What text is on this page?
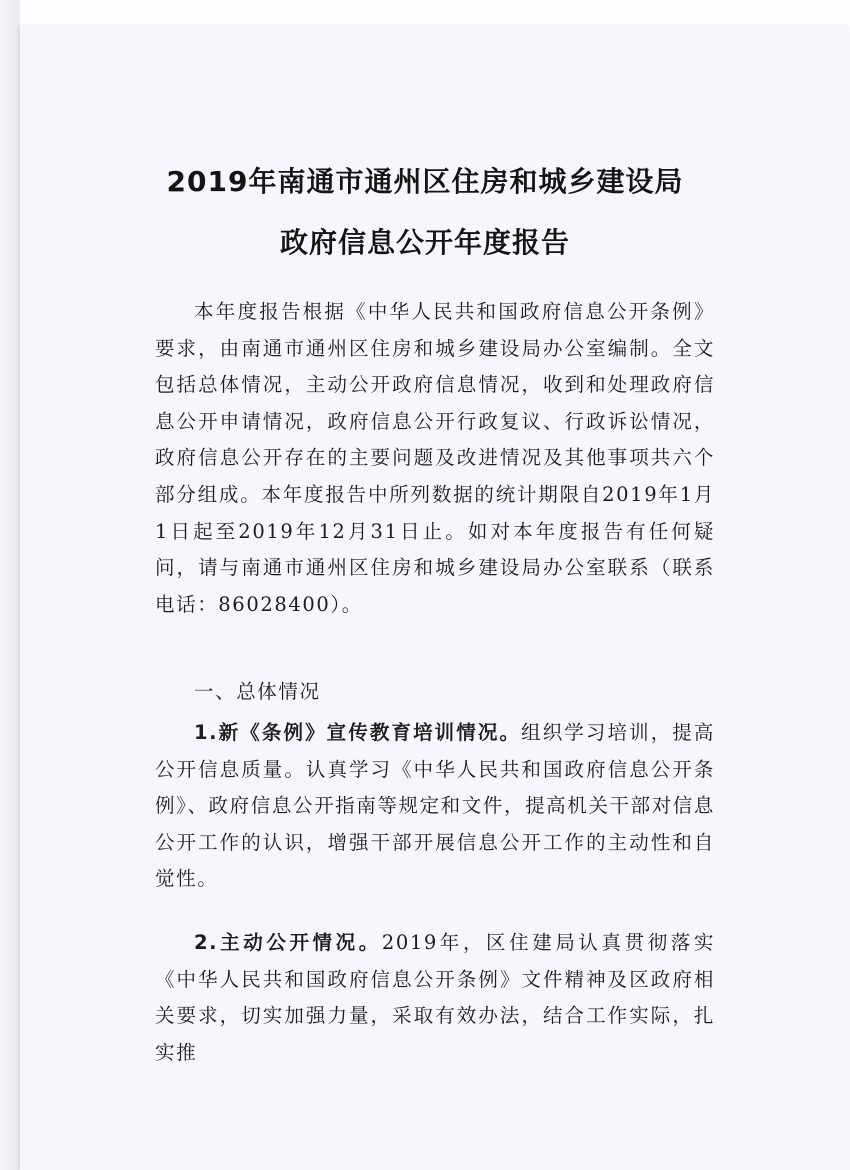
2019年南通市通州区住房和城乡建设局
政府信息公开年度报告

本年度报告根据《中华人民共和国政府信息公开条例》要求，由南通市通州区住房和城乡建设局办公室编制。全文包括总体情况，主动公开政府信息情况，收到和处理政府信息公开申请情况，政府信息公开行政复议、行政诉讼情况，政府信息公开存在的主要问题及改进情况及其他事项共六个部分组成。本年度报告中所列数据的统计期限自2019年1月1日起至2019年12月31日止。如对本年度报告有任何疑问，请与南通市通州区住房和城乡建设局办公室联系（联系电话：86028400）。

一、总体情况

1.新《条例》宣传教育培训情况。组织学习培训，提高公开信息质量。认真学习《中华人民共和国政府信息公开条例》、政府信息公开指南等规定和文件，提高机关干部对信息公开工作的认识，增强干部开展信息公开工作的主动性和自觉性。

2.主动公开情况。2019年，区住建局认真贯彻落实《中华人民共和国政府信息公开条例》文件精神及区政府相关要求，切实加强力量，采取有效办法，结合工作实际，扎实推
